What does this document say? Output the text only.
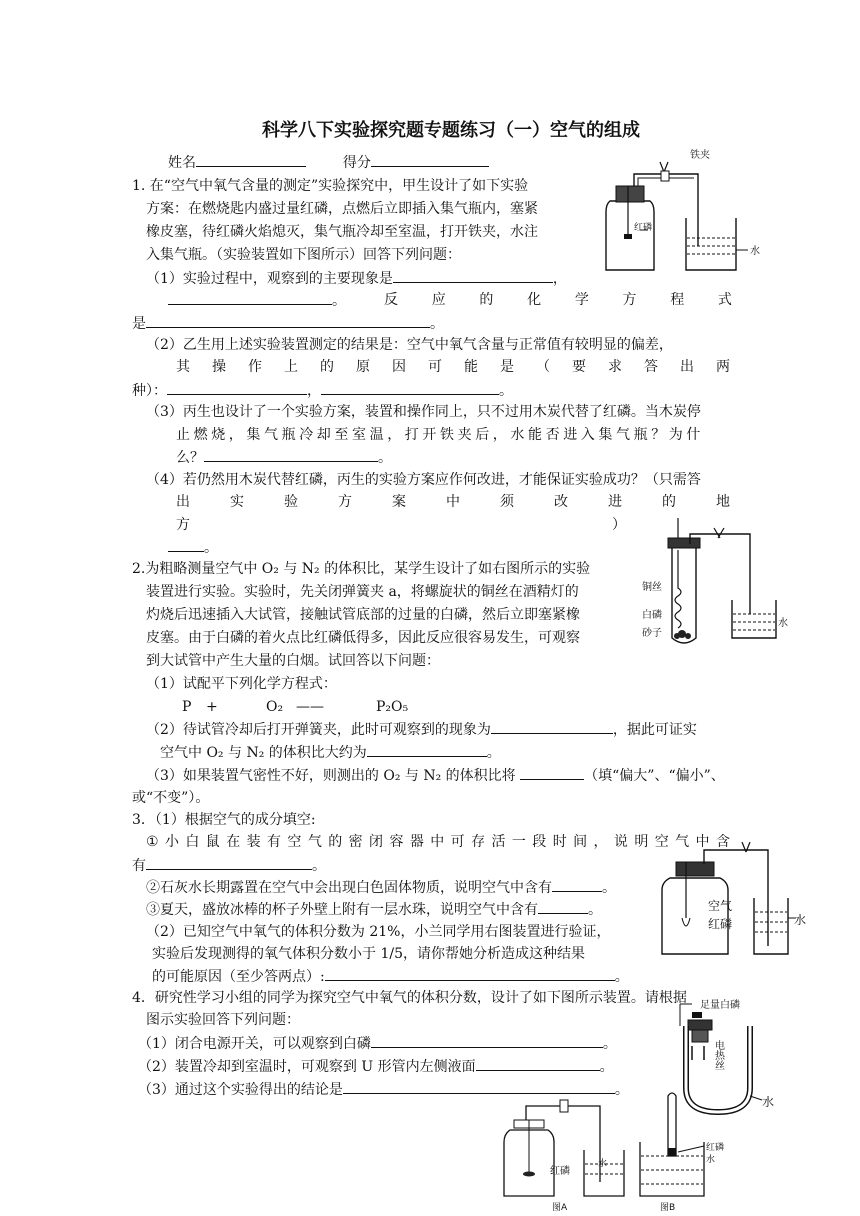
科学八下实验探究题专题练习（一）空气的组成
姓名	得分
1. 在“空气中氧气含量的测定”实验探究中，甲生设计了如下实验
方案：在燃烧匙内盛过量红磷，点燃后立即插入集气瓶内，塞紧
橡皮塞，待红磷火焰熄灭，集气瓶冷却至室温，打开铁夹，水注
入集气瓶。（实验装置如下图所示）回答下列问题：
（1）实验过程中，观察到的主要现象是	，
。	反 应 的 化 学 方 程 式
是	。
（2）乙生用上述实验装置测定的结果是：空气中氧气含量与正常值有较明显的偏差，
其 操 作 上 的 原 因 可 能 是 （ 要 求 答 出 两
种）：	，	。
（3）丙生也设计了一个实验方案，装置和操作同上，只不过用木炭代替了红磷。当木炭停
止燃烧，集气瓶冷却至室温，打开铁夹后，水能否进入集气瓶？为什
么？	。
（4）若仍然用木炭代替红磷，丙生的实验方案应作何改进，才能保证实验成功？（只需答
出	实	验	方	案	中	须	改	进	的	地
方	）
。
铁夹
红磷
水
2.为粗略测量空气中 O₂ 与 N₂ 的体积比，某学生设计了如右图所示的实验
装置进行实验。实验时，先关闭弹簧夹 a，将螺旋状的铜丝在酒精灯的
灼烧后迅速插入大试管，接触试管底部的过量的白磷，然后立即塞紧橡
皮塞。由于白磷的着火点比红磷低得多，因此反应很容易发生，可观察
到大试管中产生大量的白烟。试回答以下问题：
（1）试配平下列化学方程式：
P +	O₂ ——	P₂O₅
（2）待试管冷却后打开弹簧夹，此时可观察到的现象为	，据此可证实
空气中 O₂ 与 N₂ 的体积比大约为	。
（3）如果装置气密性不好，则测出的 O₂ 与 N₂ 的体积比将	（填“偏大”、“偏小”、
或“不变”）。
铜丝
白磷
砂子
水
3．（1）根据空气的成分填空:
① 小 白 鼠 在 装 有 空 气 的 密 闭 容 器 中 可 存 活 一 段 时 间 ， 说 明 空 气 中 含
有	。
②石灰水长期露置在空气中会出现白色固体物质，说明空气中含有	。
③夏天，盛放冰棒的杯子外壁上附有一层水珠，说明空气中含有	。
（2）已知空气中氧气的体积分数为 21%，小兰同学用右图装置进行验证，
实验后发现测得的氧气体积分数小于 1/5，请你帮她分析造成这种结果
的可能原因（至少答两点）:	。
空气
红磷	水
4．研究性学习小组的同学为探究空气中氧气的体积分数，设计了如下图所示装置。请根据
图示实验回答下列问题：
（1）闭合电源开关，可以观察到白磷	。
（2）装置冷却到室温时，可观察到 U 形管内左侧液面	。
（3）通过这个实验得出的结论是	。
足量白磷
电热丝
水
红磷
水
图A
红磷
水
图B
